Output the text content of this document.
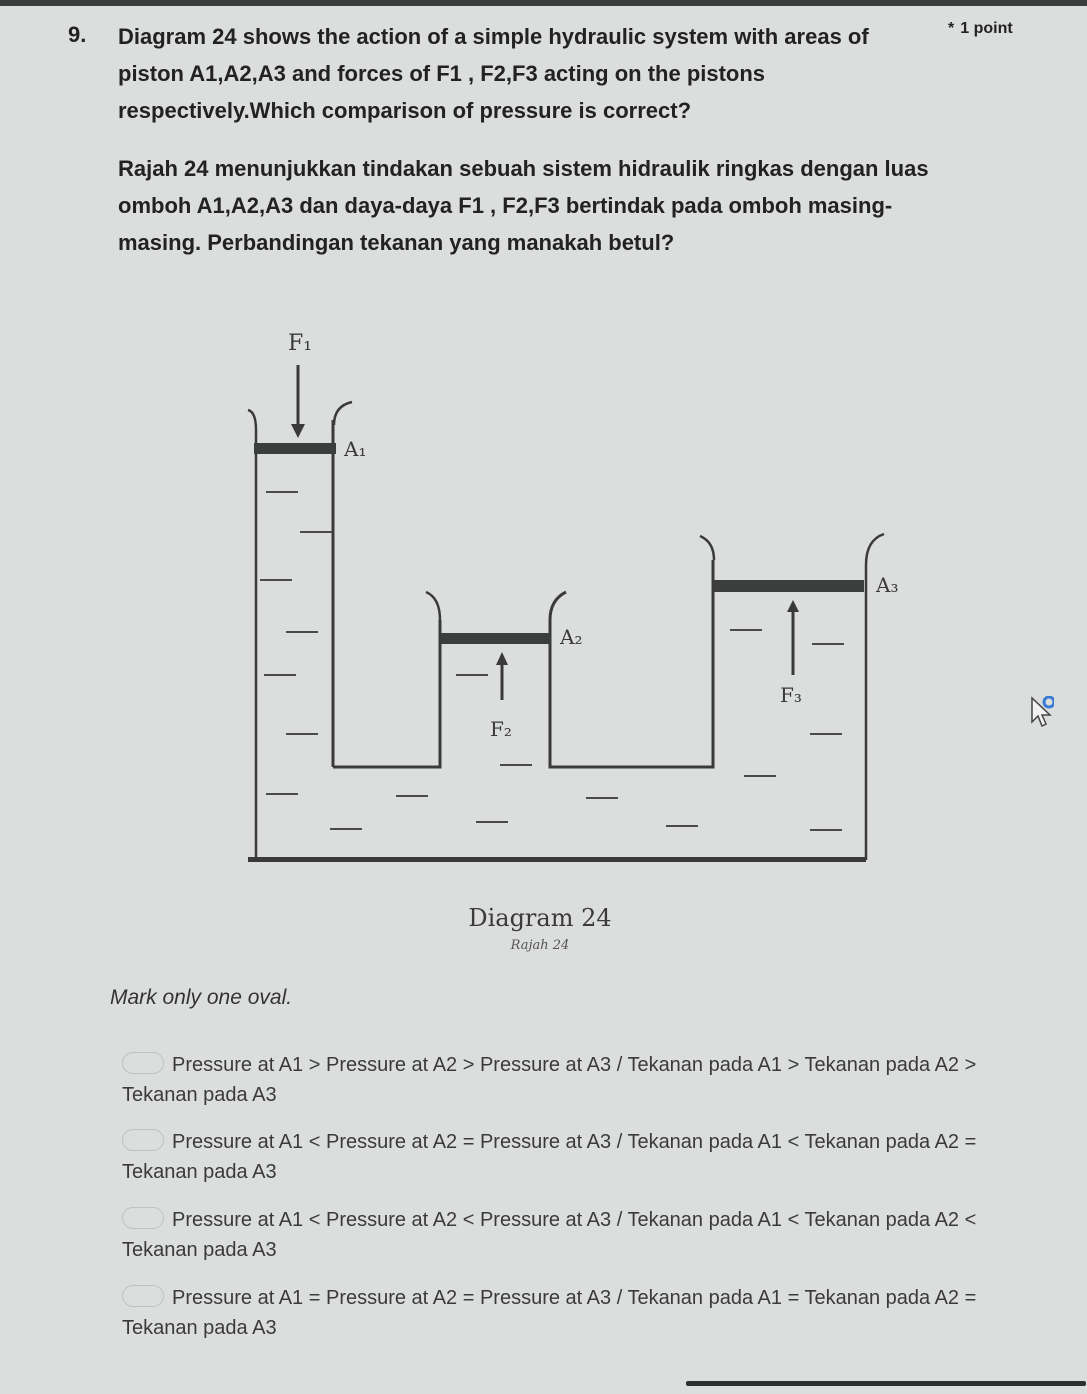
9. Diagram 24 shows the action of a simple hydraulic system with areas of piston A1,A2,A3 and forces of F1 , F2,F3 acting on the pistons respectively.Which comparison of pressure is correct?
* 1 point
Rajah 24 menunjukkan tindakan sebuah sistem hidraulik ringkas dengan luas omboh A1,A2,A3 dan daya-daya F1 , F2,F3 bertindak pada omboh masing- masing. Perbandingan tekanan yang manakah betul?
F₁
A₁
A₂
F₂
A₃
F₃
Diagram 24
Rajah 24
Mark only one oval.
Pressure at A1 > Pressure at A2 > Pressure at A3 / Tekanan pada A1 > Tekanan pada A2 > Tekanan pada A3
Pressure at A1 < Pressure at A2 = Pressure at A3 / Tekanan pada A1 < Tekanan pada A2 = Tekanan pada A3
Pressure at A1 < Pressure at A2 < Pressure at A3 / Tekanan pada A1 < Tekanan pada A2 < Tekanan pada A3
Pressure at A1 = Pressure at A2 = Pressure at A3 / Tekanan pada A1 = Tekanan pada A2 = Tekanan pada A3
